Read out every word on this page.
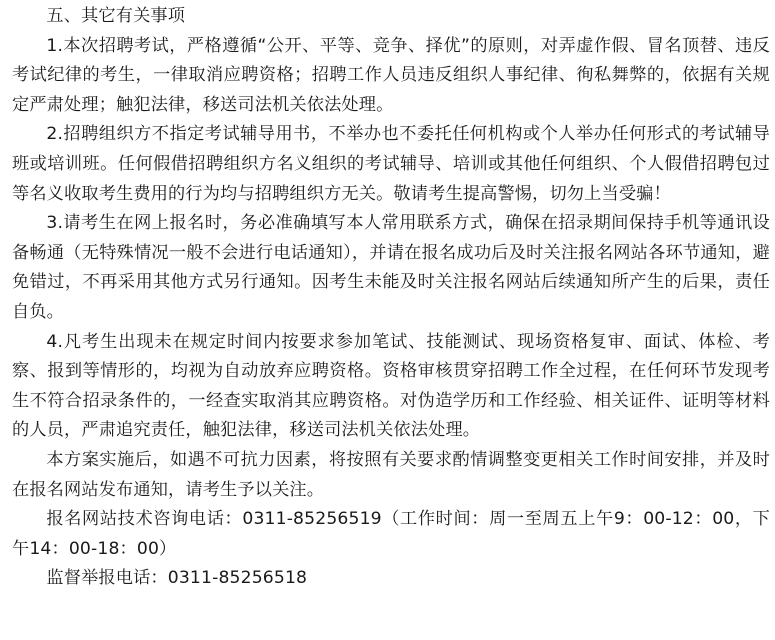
五、其它有关事项

1.本次招聘考试，严格遵循“公开、平等、竞争、择优”的原则，对弄虚作假、冒名顶替、违反考试纪律的考生，一律取消应聘资格；招聘工作人员违反组织人事纪律、徇私舞弊的，依据有关规定严肃处理；触犯法律，移送司法机关依法处理。

2.招聘组织方不指定考试辅导用书，不举办也不委托任何机构或个人举办任何形式的考试辅导班或培训班。任何假借招聘组织方名义组织的考试辅导、培训或其他任何组织、个人假借招聘包过等名义收取考生费用的行为均与招聘组织方无关。敬请考生提高警惕，切勿上当受骗！

3.请考生在网上报名时，务必准确填写本人常用联系方式，确保在招录期间保持手机等通讯设备畅通（无特殊情况一般不会进行电话通知），并请在报名成功后及时关注报名网站各环节通知，避免错过，不再采用其他方式另行通知。因考生未能及时关注报名网站后续通知所产生的后果，责任自负。

4.凡考生出现未在规定时间内按要求参加笔试、技能测试、现场资格复审、面试、体检、考察、报到等情形的，均视为自动放弃应聘资格。资格审核贯穿招聘工作全过程，在任何环节发现考生不符合招录条件的，一经查实取消其应聘资格。对伪造学历和工作经验、相关证件、证明等材料的人员，严肃追究责任，触犯法律，移送司法机关依法处理。

本方案实施后，如遇不可抗力因素，将按照有关要求酌情调整变更相关工作时间安排，并及时在报名网站发布通知，请考生予以关注。

报名网站技术咨询电话：0311-85256519（工作时间：周一至周五上午9：00-12：00，下午14：00-18：00）

监督举报电话：0311-85256518
